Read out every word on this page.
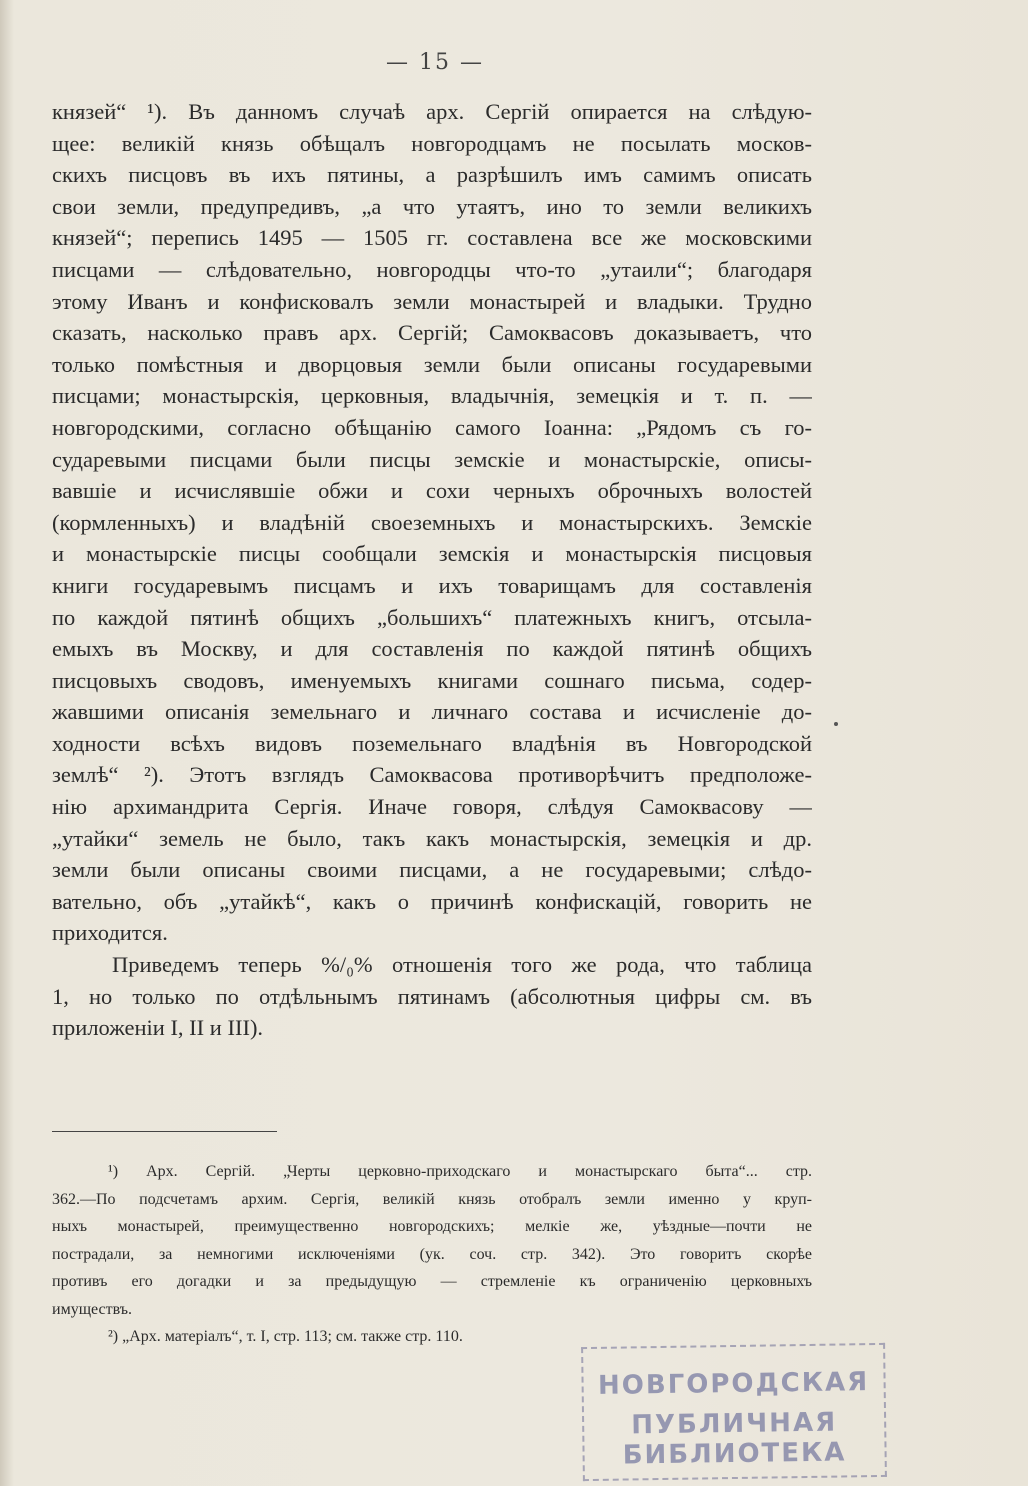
— 15 —
князей“ ¹). Въ данномъ случаѣ арх. Сергій опирается на слѣдую-
щее: великій князь обѣщалъ новгородцамъ не посылать москов-
скихъ писцовъ въ ихъ пятины, а разрѣшилъ имъ самимъ описать
свои земли, предупредивъ, „а что утаятъ, ино то земли великихъ
князей“; перепись 1495 — 1505 гг. составлена все же московскими
писцами — слѣдовательно, новгородцы что-то „утаили“; благодаря
этому Иванъ и конфисковалъ земли монастырей и владыки. Трудно
сказать, насколько правъ арх. Сергій; Самоквасовъ доказываетъ, что
только помѣстныя и дворцовыя земли были описаны государевыми
писцами; монастырскія, церковныя, владычнія, земецкія и т. п. —
новгородскими, согласно обѣщанію самого Іоанна: „Рядомъ съ го-
сударевыми писцами были писцы земскіе и монастырскіе, описы-
вавшіе и исчислявшіе обжи и сохи черныхъ оброчныхъ волостей
(кормленныхъ) и владѣній своеземныхъ и монастырскихъ. Земскіе
и монастырскіе писцы сообщали земскія и монастырскія писцовыя
книги государевымъ писцамъ и ихъ товарищамъ для составленія
по каждой пятинѣ общихъ „большихъ“ платежныхъ книгъ, отсыла-
емыхъ въ Москву, и для составленія по каждой пятинѣ общихъ
писцовыхъ сводовъ, именуемыхъ книгами сошнаго письма, содер-
жавшими описанія земельнаго и личнаго состава и исчисленіе до-
ходности всѣхъ видовъ поземельнаго владѣнія въ Новгородской
землѣ“ ²). Этотъ взглядъ Самоквасова противорѣчитъ предположе-
нію архимандрита Сергія. Иначе говоря, слѣдуя Самоквасову —
„утайки“ земель не было, такъ какъ монастырскія, земецкія и др.
земли были описаны своими писцами, а не государевыми; слѣдо-
вательно, объ „утайкѣ“, какъ о причинѣ конфискацій, говорить не
приходится.
Приведемъ теперь %/₀% отношенія того же рода, что таблица
1, но только по отдѣльнымъ пятинамъ (абсолютныя цифры см. въ
приложеніи I, II и III).
¹) Арх. Сергій. „Черты церковно-приходскаго и монастырскаго быта“... стр.
362.—По подсчетамъ архим. Сергія, великій князь отобралъ земли именно у круп-
ныхъ монастырей, преимущественно новгородскихъ; мелкіе же, уѣздные—почти не
пострадали, за немногими исключеніями (ук. соч. стр. 342). Это говоритъ скорѣе
противъ его догадки и за предыдущую — стремленіе къ ограниченію церковныхъ
имуществъ.
²) „Арх. матеріалъ“, т. I, стр. 113; см. также стр. 110.
НОВГОРОДСКАЯ
ПУБЛИЧНАЯ БИБЛИОТЕКА
